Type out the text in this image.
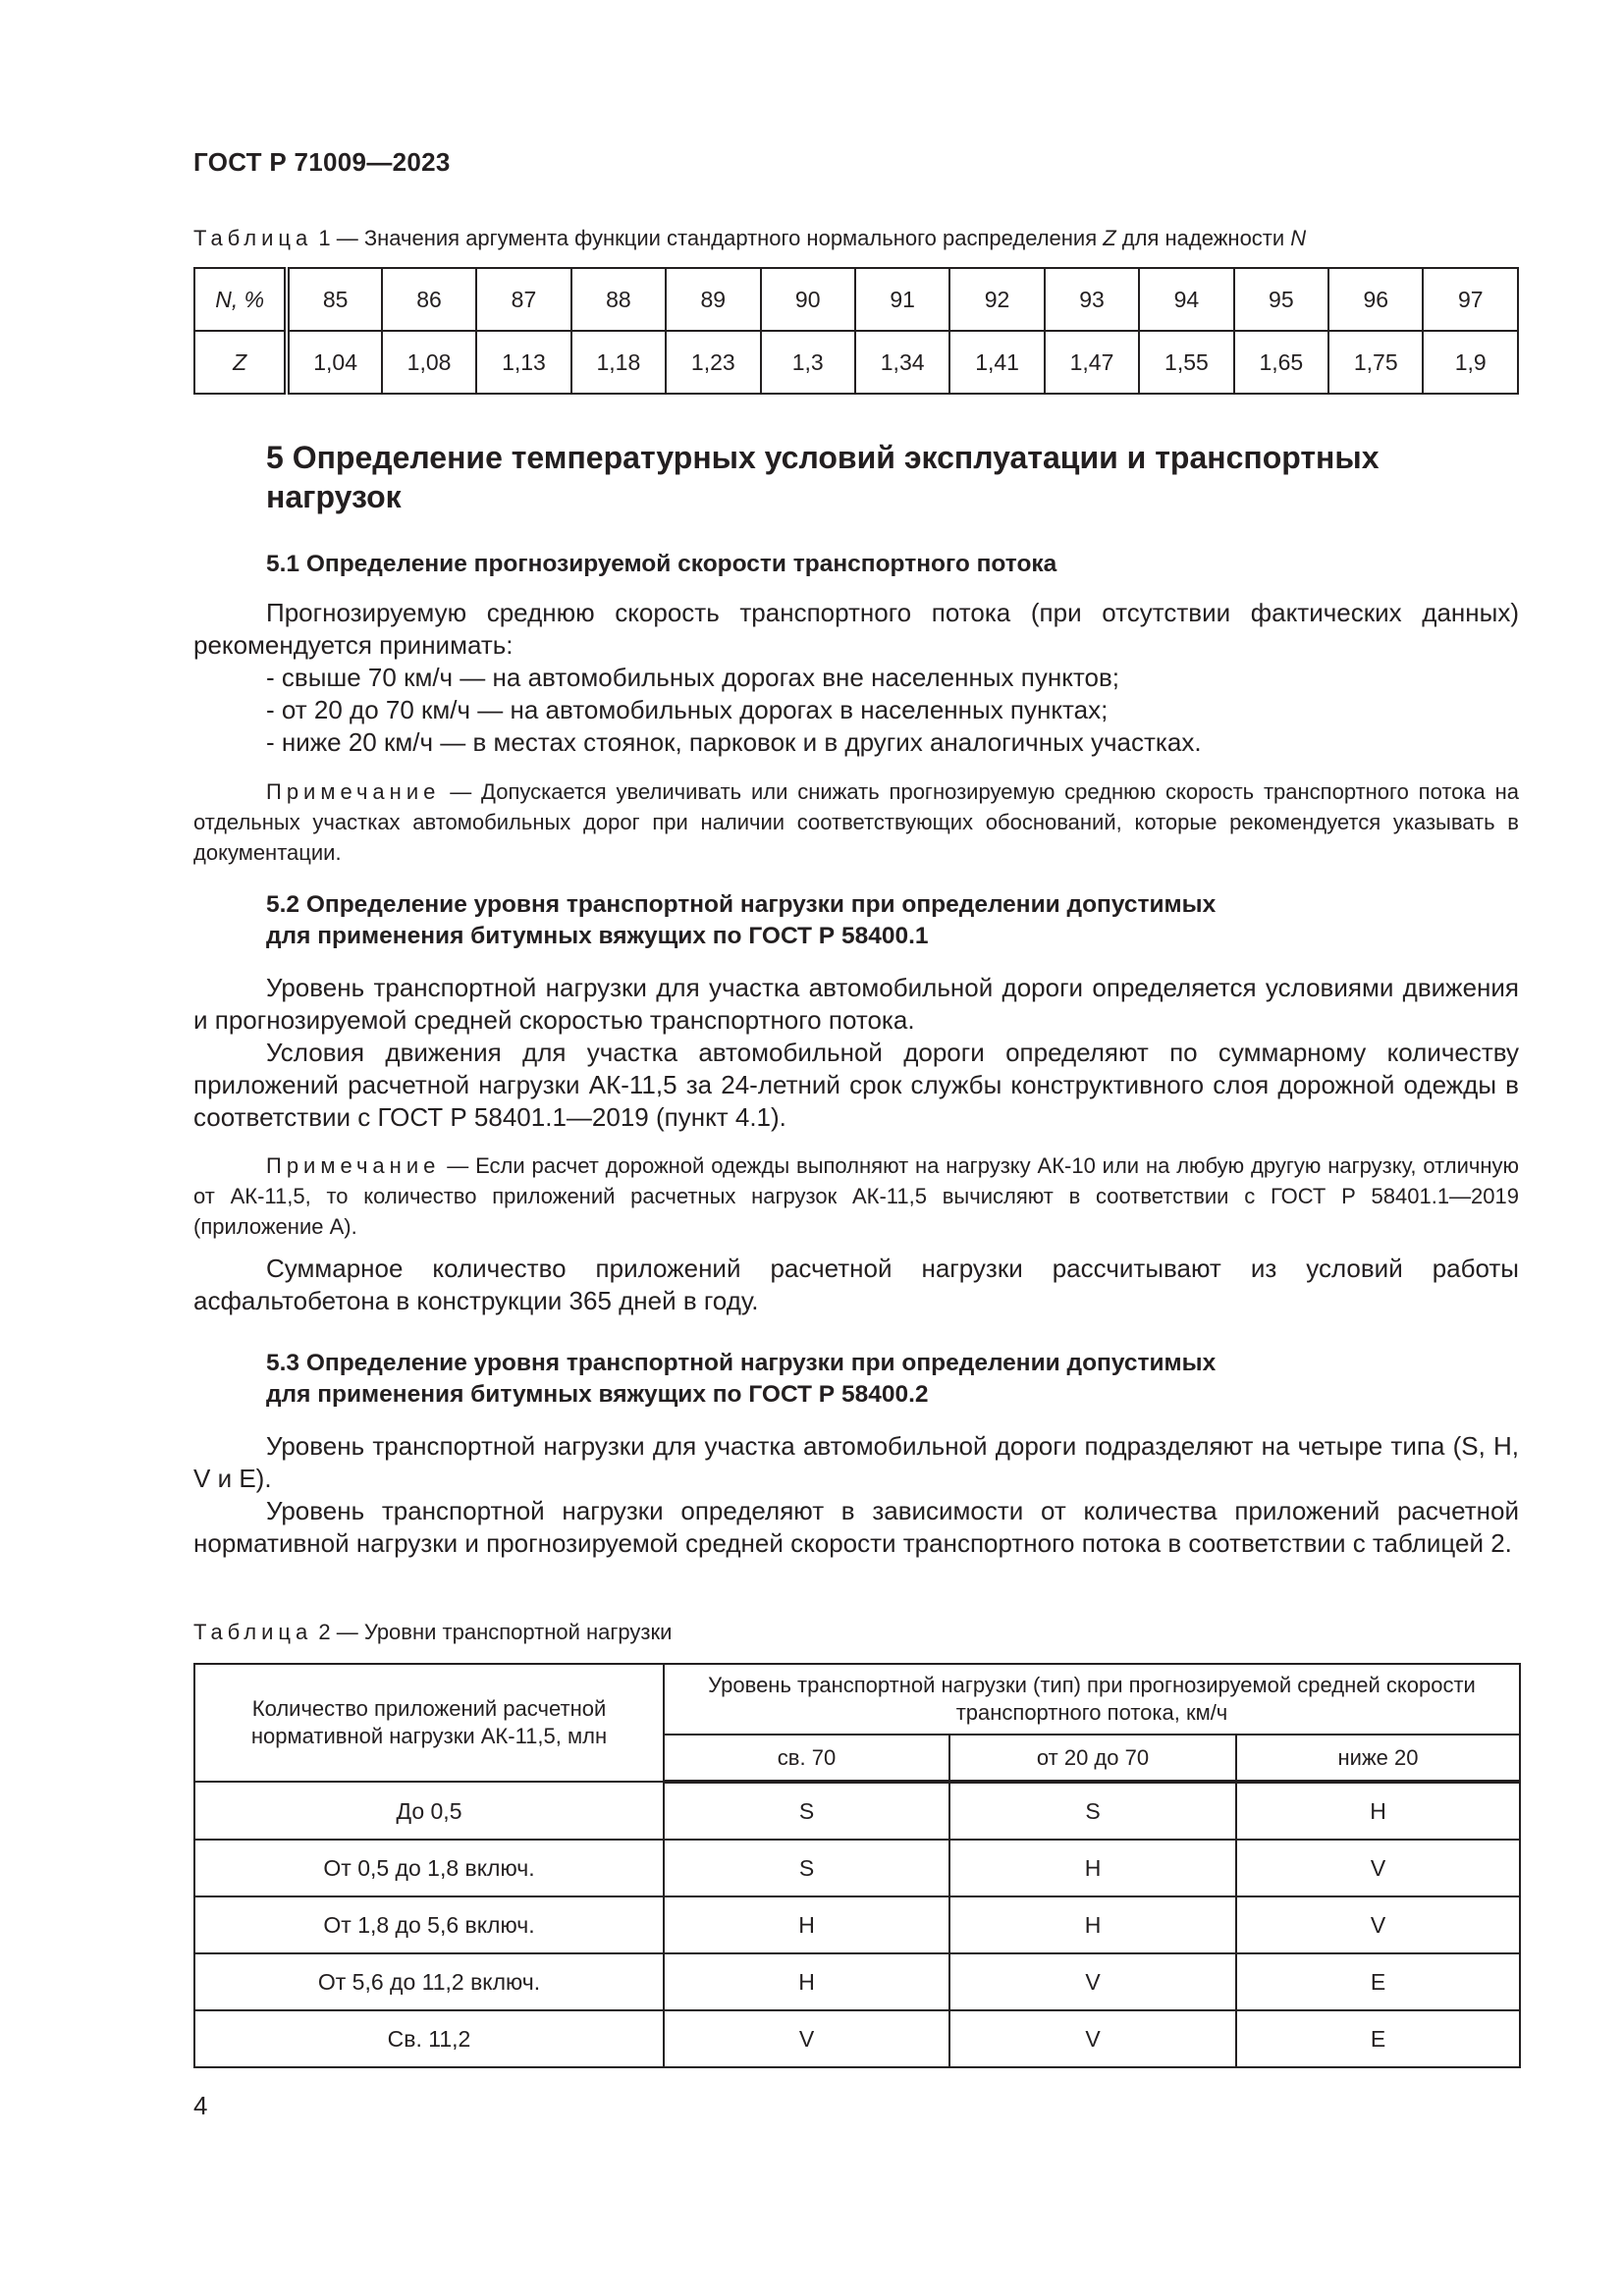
ГОСТ Р 71009—2023
Таблица 1 — Значения аргумента функции стандартного нормального распределения Z для надежности N
N, %	85	86	87	88	89	90	91	92	93	94	95	96	97
Z	1,04	1,08	1,13	1,18	1,23	1,3	1,34	1,41	1,47	1,55	1,65	1,75	1,9
5 Определение температурных условий эксплуатации и транспортных нагрузок
5.1 Определение прогнозируемой скорости транспортного потока

Прогнозируемую среднюю скорость транспортного потока (при отсутствии фактических данных) рекомендуется принимать:

- свыше 70 км/ч — на автомобильных дорогах вне населенных пунктов;

- от 20 до 70 км/ч — на автомобильных дорогах в населенных пунктах;

- ниже 20 км/ч — в местах стоянок, парковок и в других аналогичных участках.

Примечание — Допускается увеличивать или снижать прогнозируемую среднюю скорость транспортного потока на отдельных участках автомобильных дорог при наличии соответствующих обоснований, которые рекомендуется указывать в документации.

5.2 Определение уровня транспортной нагрузки при определении допустимых
для применения битумных вяжущих по ГОСТ Р 58400.1

Уровень транспортной нагрузки для участка автомобильной дороги определяется условиями движения и прогнозируемой средней скоростью транспортного потока.

Условия движения для участка автомобильной дороги определяют по суммарному количеству приложений расчетной нагрузки АК-11,5 за 24-летний срок службы конструктивного слоя дорожной одежды в соответствии с ГОСТ Р 58401.1—2019 (пункт 4.1).

Примечание — Если расчет дорожной одежды выполняют на нагрузку АК-10 или на любую другую нагрузку, отличную от АК-11,5, то количество приложений расчетных нагрузок АК-11,5 вычисляют в соответствии с ГОСТ Р 58401.1—2019 (приложение А).

Суммарное количество приложений расчетной нагрузки рассчитывают из условий работы асфальтобетона в конструкции 365 дней в году.

5.3 Определение уровня транспортной нагрузки при определении допустимых
для применения битумных вяжущих по ГОСТ Р 58400.2

Уровень транспортной нагрузки для участка автомобильной дороги подразделяют на четыре типа (S, H, V и E).

Уровень транспортной нагрузки определяют в зависимости от количества приложений расчетной нормативной нагрузки и прогнозируемой средней скорости транспортного потока в соответствии с таблицей 2.

Таблица 2 — Уровни транспортной нагрузки
Количество приложений расчетной нормативной нагрузки АК-11,5, млн	Уровень транспортной нагрузки (тип) при прогнозируемой средней скорости транспортного потока, км/ч		
	св. 70	от 20 до 70	ниже 20
До 0,5	S	S	H
От 0,5 до 1,8 включ.	S	H	V
От 1,8 до 5,6 включ.	H	H	V
От 5,6 до 11,2 включ.	H	V	E
Св. 11,2	V	V	E
4
